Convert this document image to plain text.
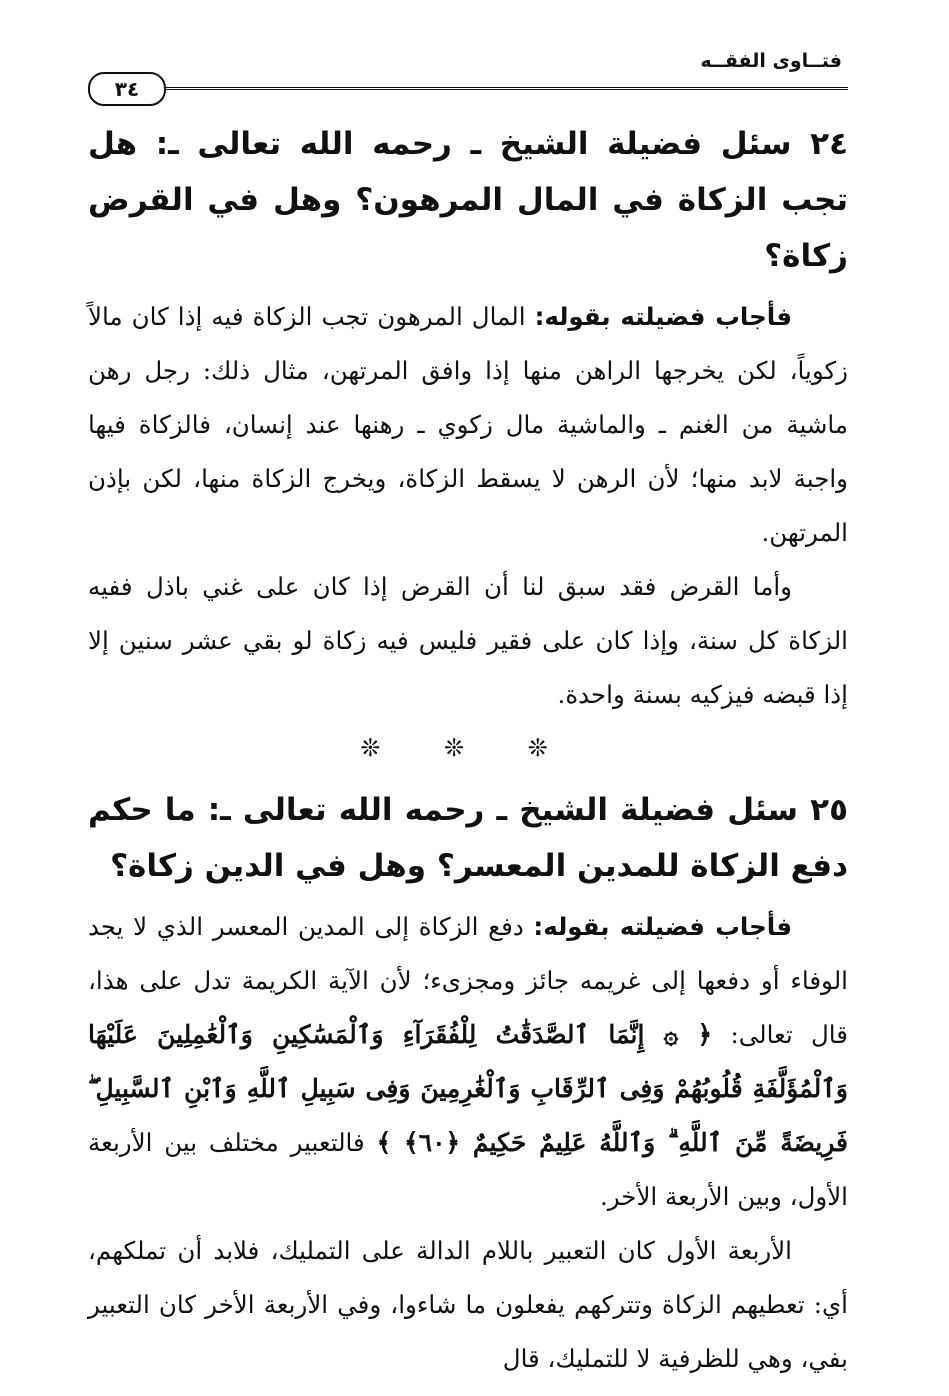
فتــاوى الفقــه
٣٤
٢٤ سئل فضيلة الشيخ ـ رحمه الله تعالى ـ: هل تجب الزكاة في المال المرهون؟ وهل في القرض زكاة؟

فأجاب فضيلته بقوله: المال المرهون تجب الزكاة فيه إذا كان مالاً زكوياً، لكن يخرجها الراهن منها إذا وافق المرتهن، مثال ذلك: رجل رهن ماشية من الغنم ـ والماشية مال زكوي ـ رهنها عند إنسان، فالزكاة فيها واجبة لابد منها؛ لأن الرهن لا يسقط الزكاة، ويخرج الزكاة منها، لكن بإذن المرتهن.

وأما القرض فقد سبق لنا أن القرض إذا كان على غني باذل ففيه الزكاة كل سنة، وإذا كان على فقير فليس فيه زكاة لو بقي عشر سنين إلا إذا قبضه فيزكيه بسنة واحدة.

❊ ❊ ❊
٢٥ سئل فضيلة الشيخ ـ رحمه الله تعالى ـ: ما حكم دفع الزكاة للمدين المعسر؟ وهل في الدين زكاة؟

فأجاب فضيلته بقوله: دفع الزكاة إلى المدين المعسر الذي لا يجد الوفاء أو دفعها إلى غريمه جائز ومجزىء؛ لأن الآية الكريمة تدل على هذا، قال تعالى: ﴿ ۞ إِنَّمَا ٱلصَّدَقَٰتُ لِلْفُقَرَآءِ وَٱلْمَسَٰكِينِ وَٱلْعَٰمِلِينَ عَلَيْهَا وَٱلْمُؤَلَّفَةِ قُلُوبُهُمْ وَفِى ٱلرِّقَابِ وَٱلْغَٰرِمِينَ وَفِى سَبِيلِ ٱللَّهِ وَٱبْنِ ٱلسَّبِيلِ ۖ فَرِيضَةً مِّنَ ٱللَّهِ ۗ وَٱللَّهُ عَلِيمٌ حَكِيمٌ ﴿٦٠﴾ ﴾ فالتعبير مختلف بين الأربعة الأول، وبين الأربعة الأخر.

الأربعة الأول كان التعبير باللام الدالة على التمليك، فلابد أن تملكهم، أي: تعطيهم الزكاة وتتركهم يفعلون ما شاءوا، وفي الأربعة الأخر كان التعبير بفي، وهي للظرفية لا للتمليك، قال
